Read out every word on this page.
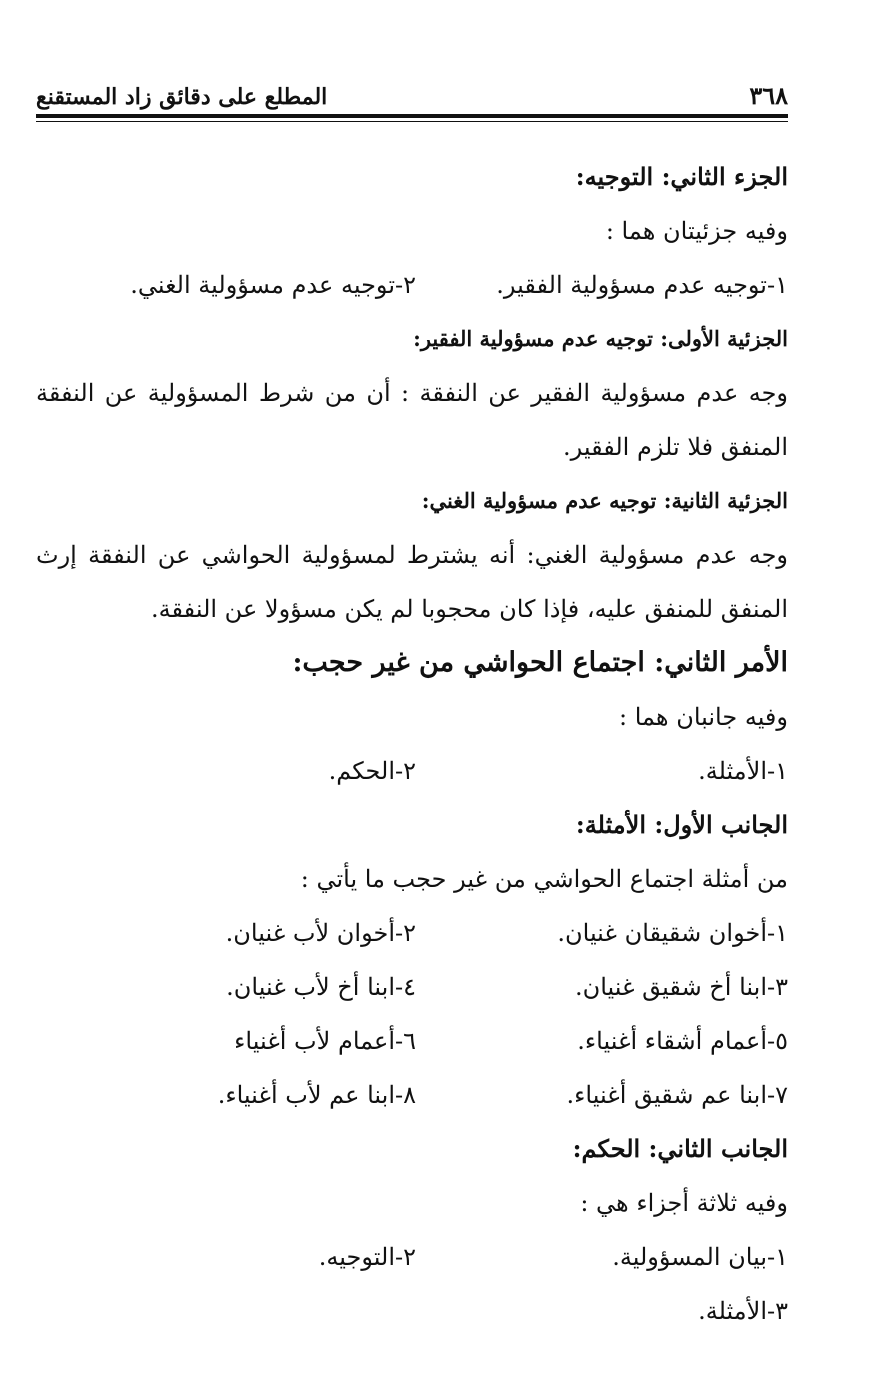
٣٦٨
المطلع على دقائق زاد المستقنع
الجزء الثاني: التوجيه:
وفيه جزئيتان هما :
١-توجيه عدم مسؤولية الفقير.
٢-توجيه عدم مسؤولية الغني.
الجزئية الأولى: توجيه عدم مسؤولية الفقير:
وجه عدم مسؤولية الفقير عن النفقة : أن من شرط المسؤولية عن النفقة
المنفق فلا تلزم الفقير.
الجزئية الثانية: توجيه عدم مسؤولية الغني:
وجه عدم مسؤولية الغني: أنه يشترط لمسؤولية الحواشي عن النفقة إرث
المنفق للمنفق عليه، فإذا كان محجوبا لم يكن مسؤولا عن النفقة.
الأمر الثاني: اجتماع الحواشي من غير حجب:
وفيه جانبان هما :
١-الأمثلة.
٢-الحكم.
الجانب الأول: الأمثلة:
من أمثلة اجتماع الحواشي من غير حجب ما يأتي :
١-أخوان شقيقان غنيان.
٢-أخوان لأب غنيان.
٣-ابنا أخ شقيق غنيان.
٤-ابنا أخ لأب غنيان.
٥-أعمام أشقاء أغنياء.
٦-أعمام لأب أغنياء
٧-ابنا عم شقيق أغنياء.
٨-ابنا عم لأب أغنياء.
الجانب الثاني: الحكم:
وفيه ثلاثة أجزاء هي :
١-بيان المسؤولية.
٢-التوجيه.
٣-الأمثلة.
